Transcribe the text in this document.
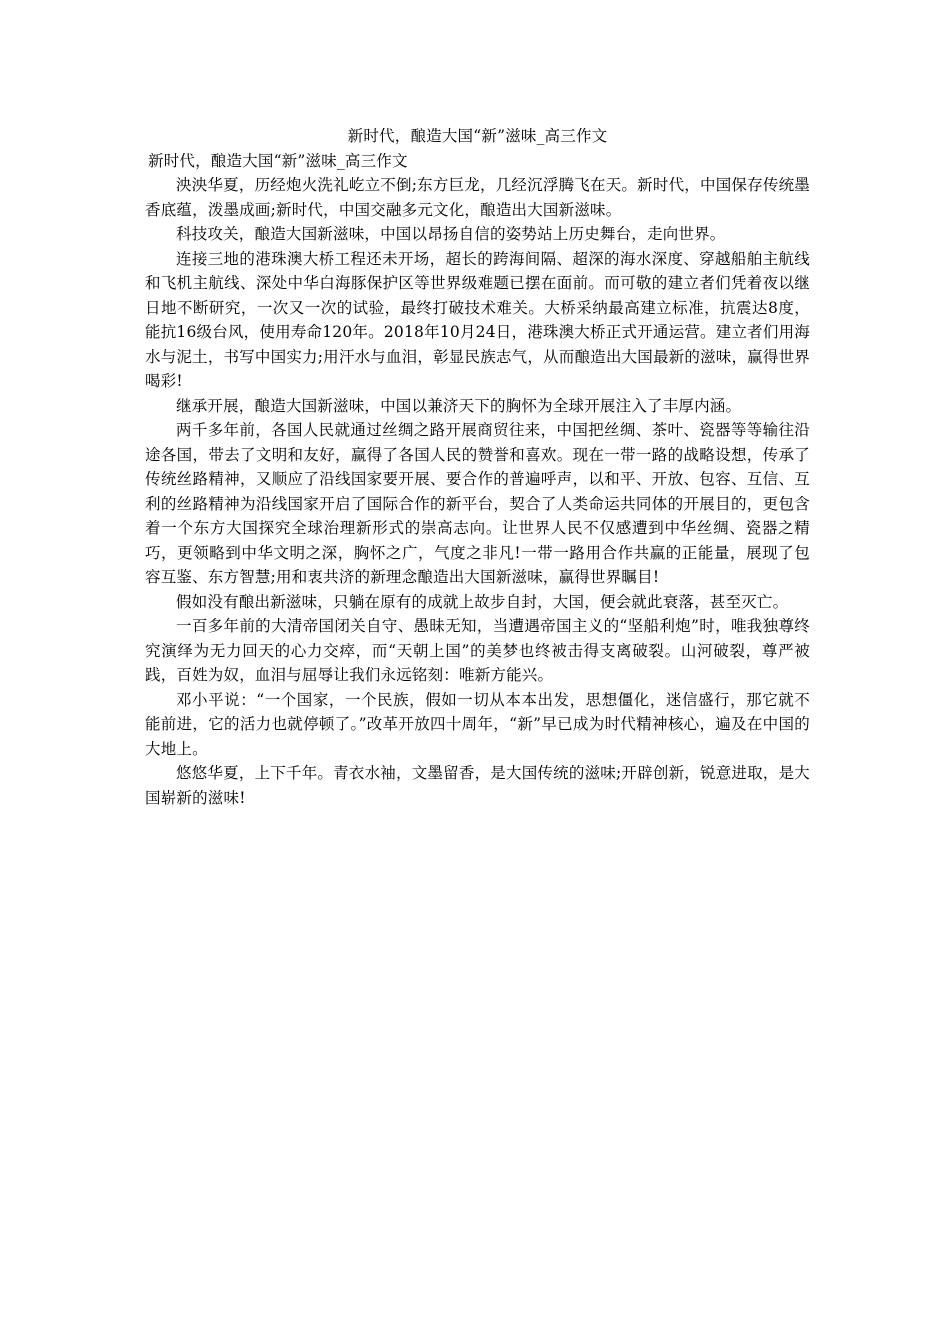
新时代，酿造大国“新”滋味_高三作文
新时代，酿造大国“新”滋味_高三作文

泱泱华夏，历经炮火洗礼屹立不倒;东方巨龙，几经沉浮腾飞在天。新时代，中国保存传统墨香底蕴，泼墨成画;新时代，中国交融多元文化，酿造出大国新滋味。

科技攻关，酿造大国新滋味，中国以昂扬自信的姿势站上历史舞台，走向世界。

连接三地的港珠澳大桥工程还未开场，超长的跨海间隔、超深的海水深度、穿越船舶主航线和飞机主航线、深处中华白海豚保护区等世界级难题已摆在面前。而可敬的建立者们凭着夜以继日地不断研究，一次又一次的试验，最终打破技术难关。大桥采纳最高建立标准，抗震达8度，能抗16级台风，使用寿命120年。2018年10月24日，港珠澳大桥正式开通运营。建立者们用海水与泥土，书写中国实力;用汗水与血泪，彰显民族志气，从而酿造出大国最新的滋味，赢得世界喝彩!

继承开展，酿造大国新滋味，中国以兼济天下的胸怀为全球开展注入了丰厚内涵。

两千多年前，各国人民就通过丝绸之路开展商贸往来，中国把丝绸、茶叶、瓷器等等输往沿途各国，带去了文明和友好，赢得了各国人民的赞誉和喜欢。现在一带一路的战略设想，传承了传统丝路精神，又顺应了沿线国家要开展、要合作的普遍呼声，以和平、开放、包容、互信、互利的丝路精神为沿线国家开启了国际合作的新平台，契合了人类命运共同体的开展目的，更包含着一个东方大国探究全球治理新形式的崇高志向。让世界人民不仅感遭到中华丝绸、瓷器之精巧，更领略到中华文明之深，胸怀之广，气度之非凡!一带一路用合作共赢的正能量，展现了包容互鉴、东方智慧;用和衷共济的新理念酿造出大国新滋味，赢得世界瞩目!

假如没有酿出新滋味，只躺在原有的成就上故步自封，大国，便会就此衰落，甚至灭亡。

一百多年前的大清帝国闭关自守、愚昧无知，当遭遇帝国主义的“坚船利炮”时，唯我独尊终究演绎为无力回天的心力交瘁，而“天朝上国”的美梦也终被击得支离破裂。山河破裂，尊严被践，百姓为奴，血泪与屈辱让我们永远铭刻：唯新方能兴。

邓小平说：“一个国家，一个民族，假如一切从本本出发，思想僵化，迷信盛行，那它就不能前进，它的活力也就停顿了。”改革开放四十周年，“新”早已成为时代精神核心，遍及在中国的大地上。

悠悠华夏，上下千年。青衣水袖，文墨留香，是大国传统的滋味;开辟创新，锐意进取，是大国崭新的滋味!
